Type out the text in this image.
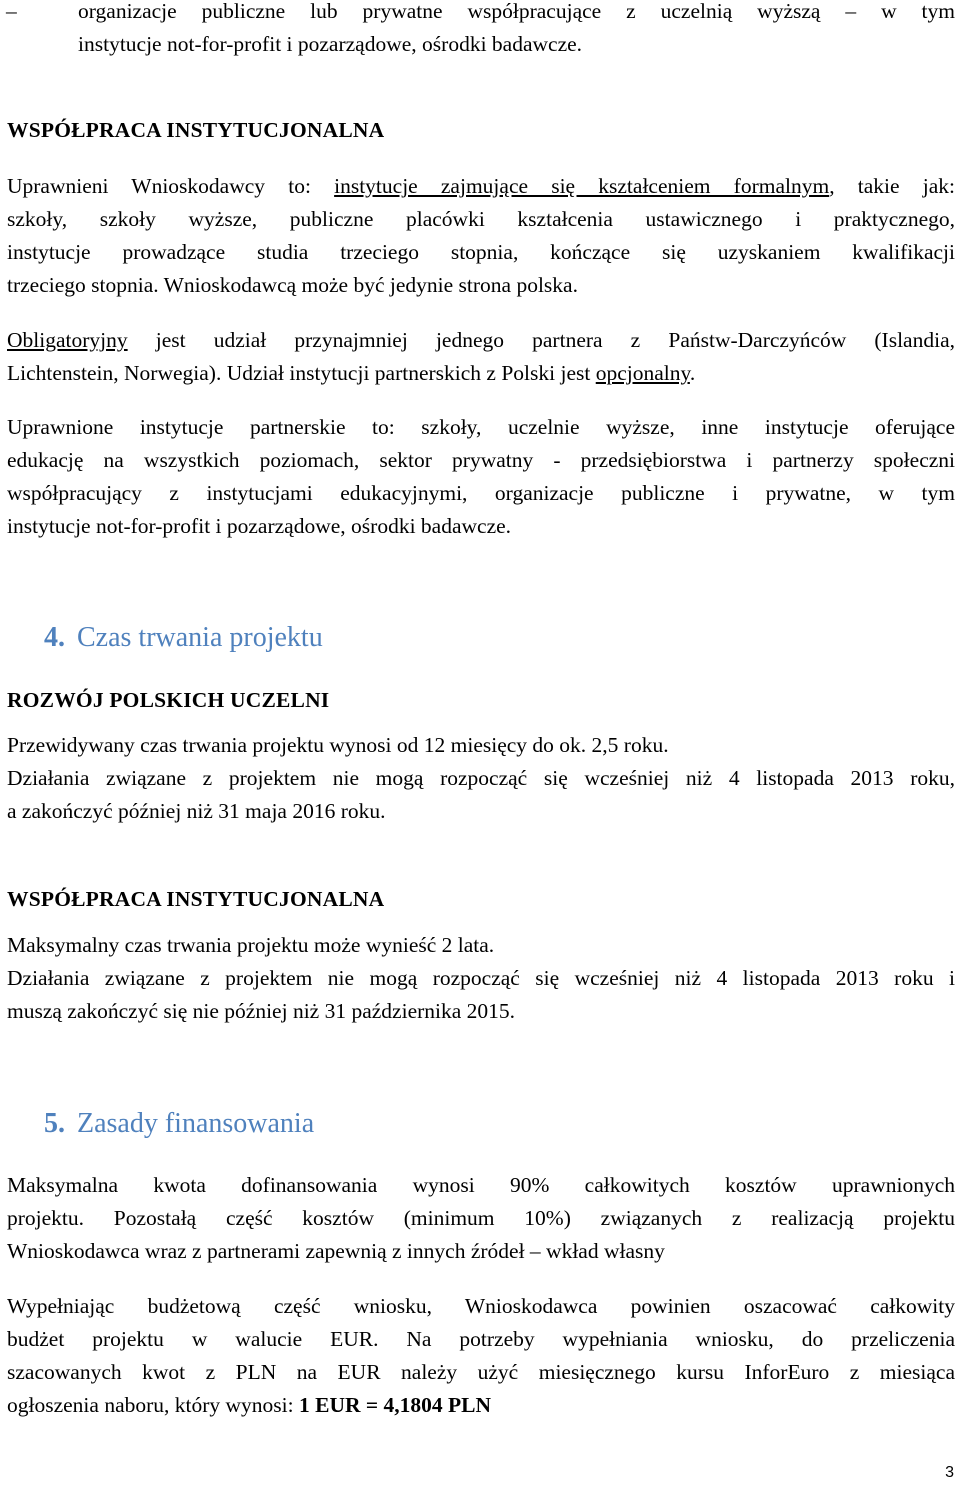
–	organizacje publiczne lub prywatne współpracujące z uczelnią wyższą – w tym
instytucje not-for-profit i pozarządowe, ośrodki badawcze.

WSPÓŁPRACA INSTYTUCJONALNA

Uprawnieni Wnioskodawcy to: instytucje zajmujące się kształceniem formalnym, takie jak:
szkoły, szkoły wyższe, publiczne placówki kształcenia ustawicznego i praktycznego,
instytucje prowadzące studia trzeciego stopnia, kończące się uzyskaniem kwalifikacji
trzeciego stopnia. Wnioskodawcą może być jedynie strona polska.

Obligatoryjny jest udział przynajmniej jednego partnera z Państw-Darczyńców (Islandia,
Lichtenstein, Norwegia). Udział instytucji partnerskich z Polski jest opcjonalny.

Uprawnione instytucje partnerskie to: szkoły, uczelnie wyższe, inne instytucje oferujące
edukację na wszystkich poziomach, sektor prywatny - przedsiębiorstwa i partnerzy społeczni
współpracujący z instytucjami edukacyjnymi, organizacje publiczne i prywatne, w tym
instytucje not-for-profit i pozarządowe, ośrodki badawcze.

4. Czas trwania projektu
ROZWÓJ POLSKICH UCZELNI

Przewidywany czas trwania projektu wynosi od 12 miesięcy do ok. 2,5 roku.
Działania związane z projektem nie mogą rozpocząć się wcześniej niż 4 listopada 2013 roku,
a zakończyć później niż 31 maja 2016 roku.

WSPÓŁPRACA INSTYTUCJONALNA

Maksymalny czas trwania projektu może wynieść 2 lata.
Działania związane z projektem nie mogą rozpocząć się wcześniej niż 4 listopada 2013 roku i
muszą zakończyć się nie później niż 31 października 2015.

5. Zasady finansowania

Maksymalna kwota dofinansowania wynosi 90% całkowitych kosztów uprawnionych
projektu. Pozostałą część kosztów (minimum 10%) związanych z realizacją projektu
Wnioskodawca wraz z partnerami zapewnią z innych źródeł – wkład własny

Wypełniając budżetową część wniosku, Wnioskodawca powinien oszacować całkowity
budżet projektu w walucie EUR. Na potrzeby wypełniania wniosku, do przeliczenia
szacowanych kwot z PLN na EUR należy użyć miesięcznego kursu InforEuro z miesiąca
ogłoszenia naboru, który wynosi: 1 EUR = 4,1804 PLN

3
